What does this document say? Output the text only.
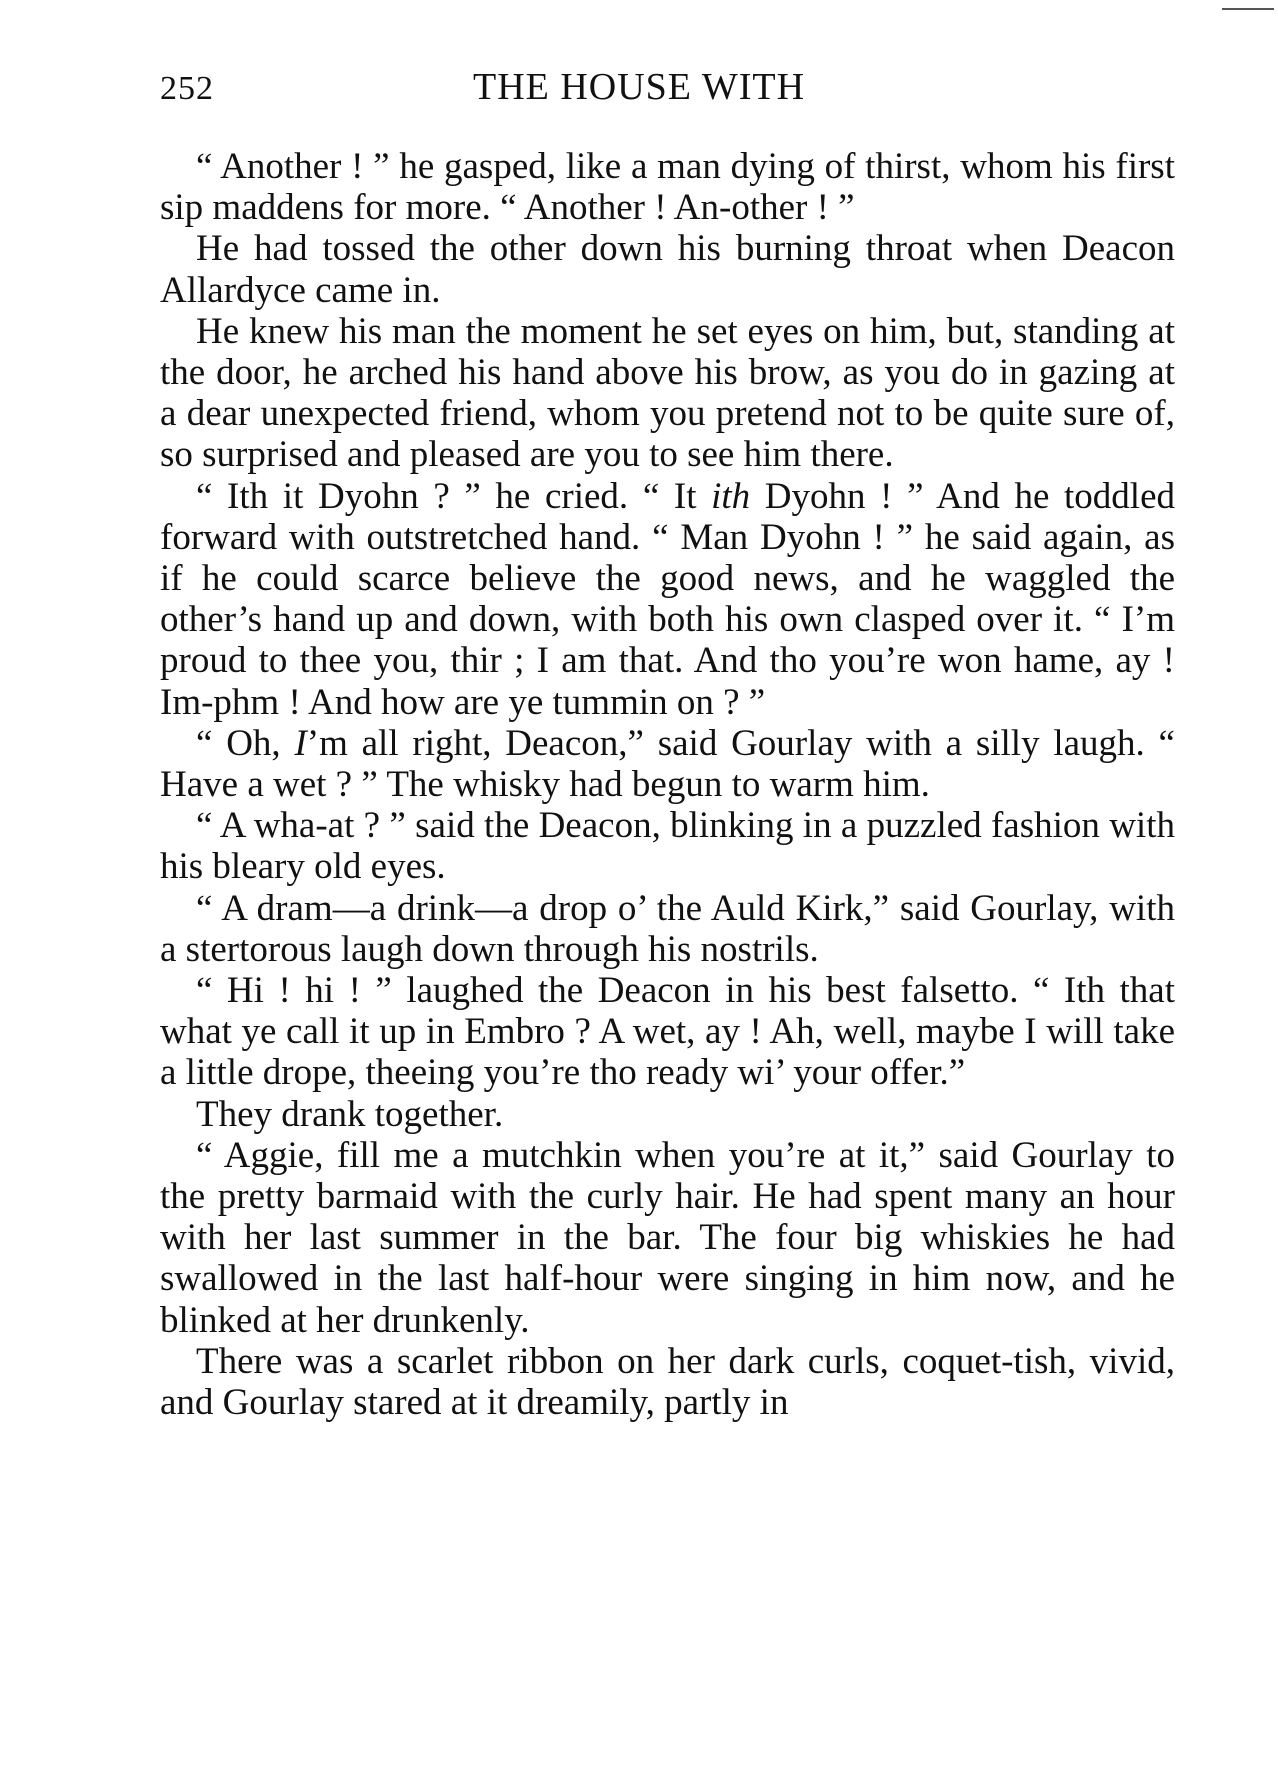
252	THE HOUSE WITH

“ Another ! ” he gasped, like a man dying of thirst, whom his first sip maddens for more. “ Another ! An-other ! ”

He had tossed the other down his burning throat when Deacon Allardyce came in.

He knew his man the moment he set eyes on him, but, standing at the door, he arched his hand above his brow, as you do in gazing at a dear unexpected friend, whom you pretend not to be quite sure of, so surprised and pleased are you to see him there.

“ Ith it Dyohn ? ” he cried. “ It ith Dyohn ! ” And he toddled forward with outstretched hand. “ Man Dyohn ! ” he said again, as if he could scarce believe the good news, and he waggled the other’s hand up and down, with both his own clasped over it. “ I’m proud to thee you, thir ; I am that. And tho you’re won hame, ay ! Im-phm ! And how are ye tummin on ? ”

“ Oh, I’m all right, Deacon,” said Gourlay with a silly laugh. “ Have a wet ? ” The whisky had begun to warm him.

“ A wha-at ? ” said the Deacon, blinking in a puzzled fashion with his bleary old eyes.

“ A dram—a drink—a drop o’ the Auld Kirk,” said Gourlay, with a stertorous laugh down through his nostrils.

“ Hi ! hi ! ” laughed the Deacon in his best falsetto. “ Ith that what ye call it up in Embro ? A wet, ay ! Ah, well, maybe I will take a little drope, theeing you’re tho ready wi’ your offer.”

They drank together.

“ Aggie, fill me a mutchkin when you’re at it,” said Gourlay to the pretty barmaid with the curly hair. He had spent many an hour with her last summer in the bar. The four big whiskies he had swallowed in the last half-hour were singing in him now, and he blinked at her drunkenly.

There was a scarlet ribbon on her dark curls, coquet-tish, vivid, and Gourlay stared at it dreamily, partly in
